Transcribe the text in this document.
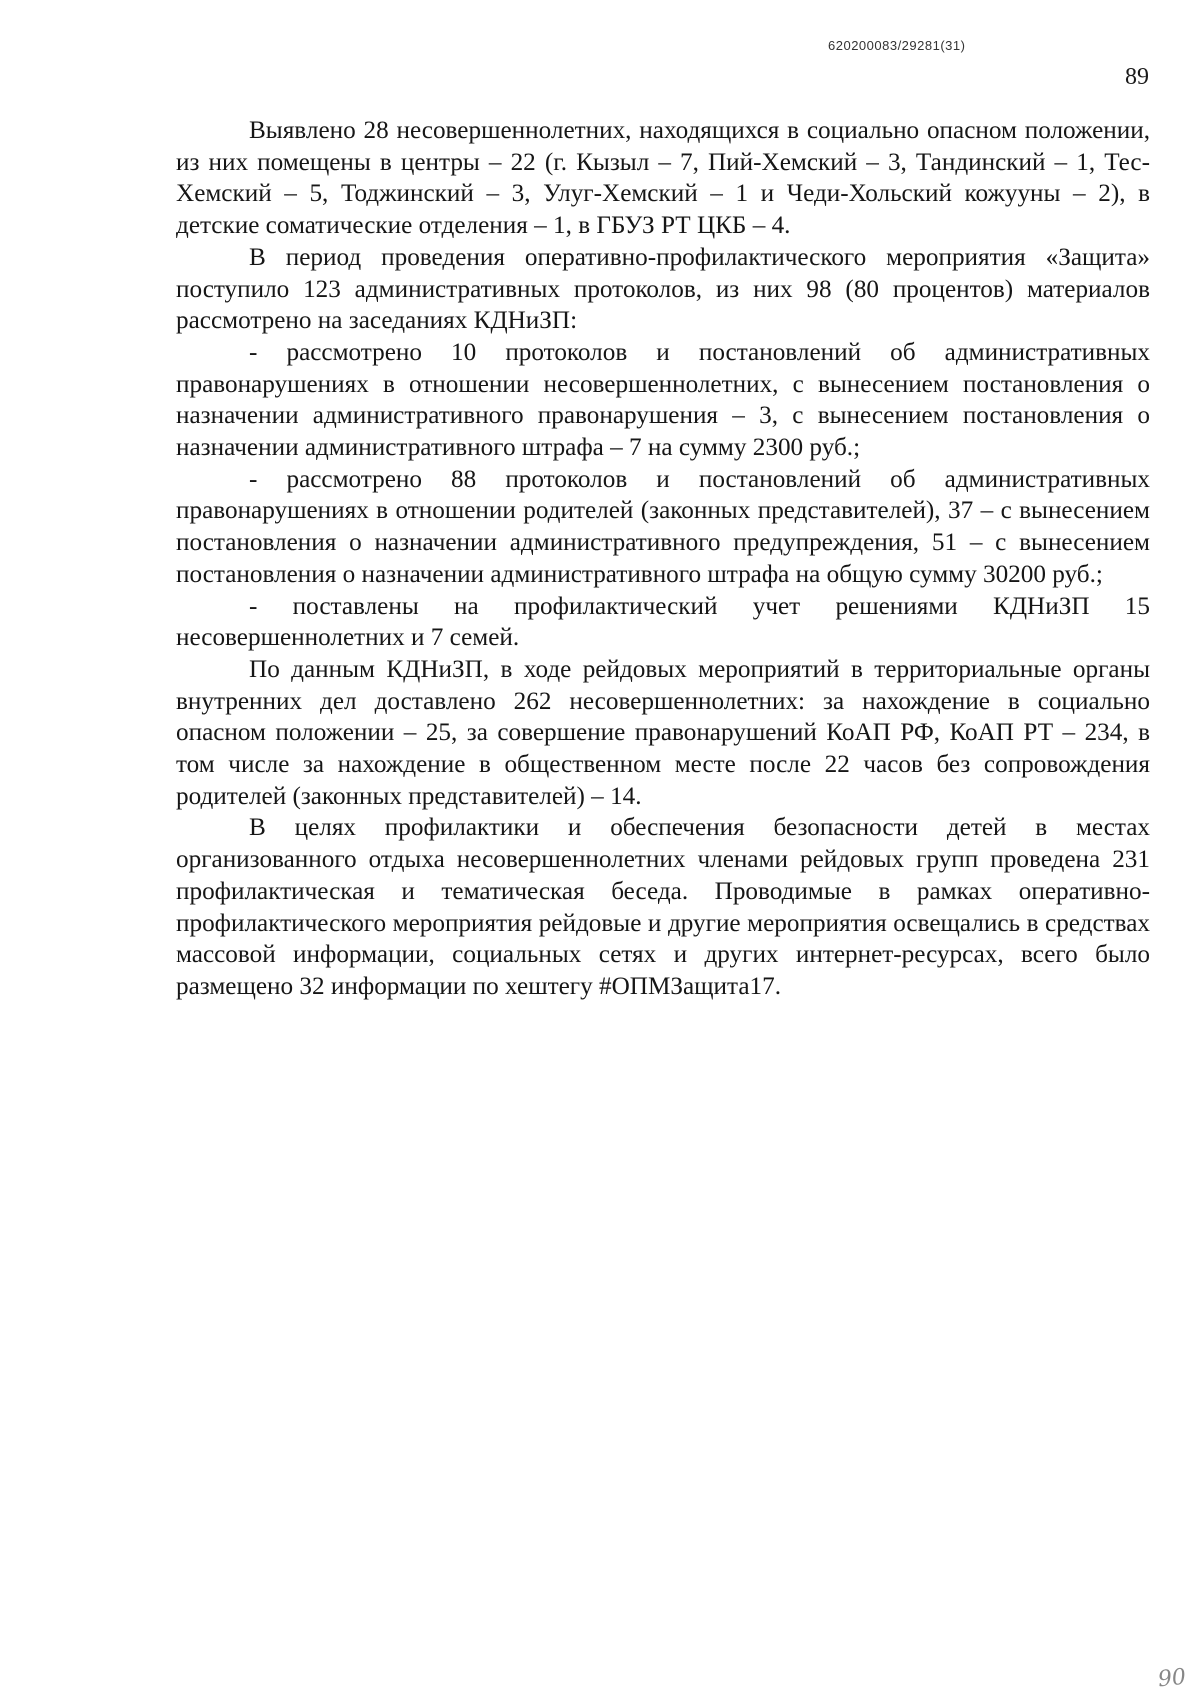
620200083/29281(31)
89

Выявлено 28 несовершеннолетних, находящихся в социально опасном положении, из них помещены в центры – 22 (г. Кызыл – 7, Пий-Хемский – 3, Тандинский – 1, Тес-Хемский – 5, Тоджинский – 3, Улуг-Хемский – 1 и Чеди-Хольский кожууны – 2), в детские соматические отделения – 1, в ГБУЗ РТ ЦКБ – 4.

В период проведения оперативно-профилактического мероприятия «Защита» поступило 123 административных протоколов, из них 98 (80 процентов) материалов рассмотрено на заседаниях КДНиЗП:

- рассмотрено 10 протоколов и постановлений об административных правонарушениях в отношении несовершеннолетних, с вынесением постановления о назначении административного правонарушения – 3, с вынесением постановления о назначении административного штрафа – 7 на сумму 2300 руб.;

- рассмотрено 88 протоколов и постановлений об административных правонарушениях в отношении родителей (законных представителей), 37 – с вынесением постановления о назначении административного предупреждения, 51 – с вынесением постановления о назначении административного штрафа на общую сумму 30200 руб.;

- поставлены на профилактический учет решениями КДНиЗП 15 несовершеннолетних и 7 семей.

По данным КДНиЗП, в ходе рейдовых мероприятий в территориальные органы внутренних дел доставлено 262 несовершеннолетних: за нахождение в социально опасном положении – 25, за совершение правонарушений КоАП РФ, КоАП РТ – 234, в том числе за нахождение в общественном месте после 22 часов без сопровождения родителей (законных представителей) – 14.

В целях профилактики и обеспечения безопасности детей в местах организованного отдыха несовершеннолетних членами рейдовых групп проведена 231 профилактическая и тематическая беседа. Проводимые в рамках оперативно-профилактического мероприятия рейдовые и другие мероприятия освещались в средствах массовой информации, социальных сетях и других интернет-ресурсах, всего было размещено 32 информации по хештегу #ОПМЗащита17.

90
